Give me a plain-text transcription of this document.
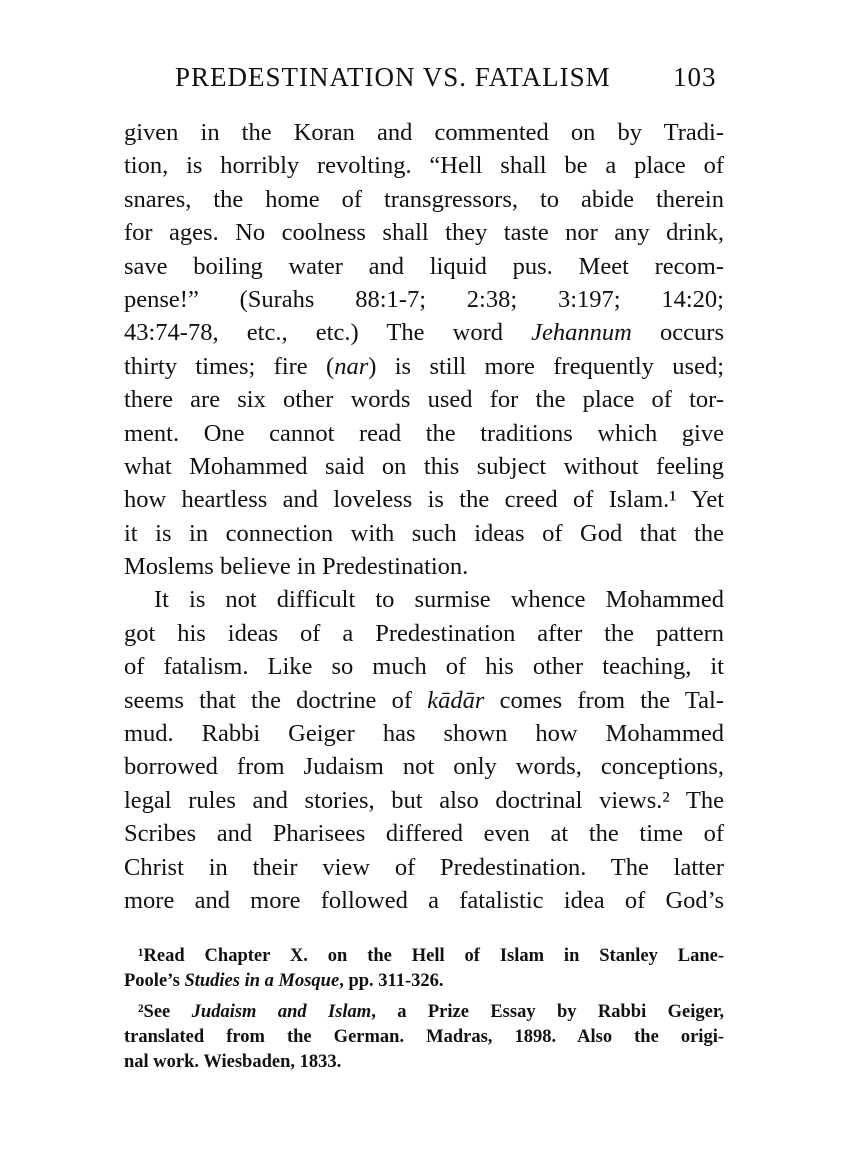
PREDESTINATION VS. FATALISM 103
given in the Koran and commented on by Tradi-
tion, is horribly revolting. “Hell shall be a place of
snares, the home of transgressors, to abide therein
for ages. No coolness shall they taste nor any drink,
save boiling water and liquid pus. Meet recom-
pense!” (Surahs 88:1-7; 2:38; 3:197; 14:20;
43:74-78, etc., etc.) The word Jehannum occurs
thirty times; fire (nar) is still more frequently used;
there are six other words used for the place of tor-
ment. One cannot read the traditions which give
what Mohammed said on this subject without feeling
how heartless and loveless is the creed of Islam.¹ Yet
it is in connection with such ideas of God that the
Moslems believe in Predestination.
It is not difficult to surmise whence Mohammed
got his ideas of a Predestination after the pattern
of fatalism. Like so much of his other teaching, it
seems that the doctrine of kādār comes from the Tal-
mud. Rabbi Geiger has shown how Mohammed
borrowed from Judaism not only words, conceptions,
legal rules and stories, but also doctrinal views.² The
Scribes and Pharisees differed even at the time of
Christ in their view of Predestination. The latter
more and more followed a fatalistic idea of God’s
¹Read Chapter X. on the Hell of Islam in Stanley Lane-
Poole’s Studies in a Mosque, pp. 311-326.
²See Judaism and Islam, a Prize Essay by Rabbi Geiger,
translated from the German. Madras, 1898. Also the origi-
nal work. Wiesbaden, 1833.
